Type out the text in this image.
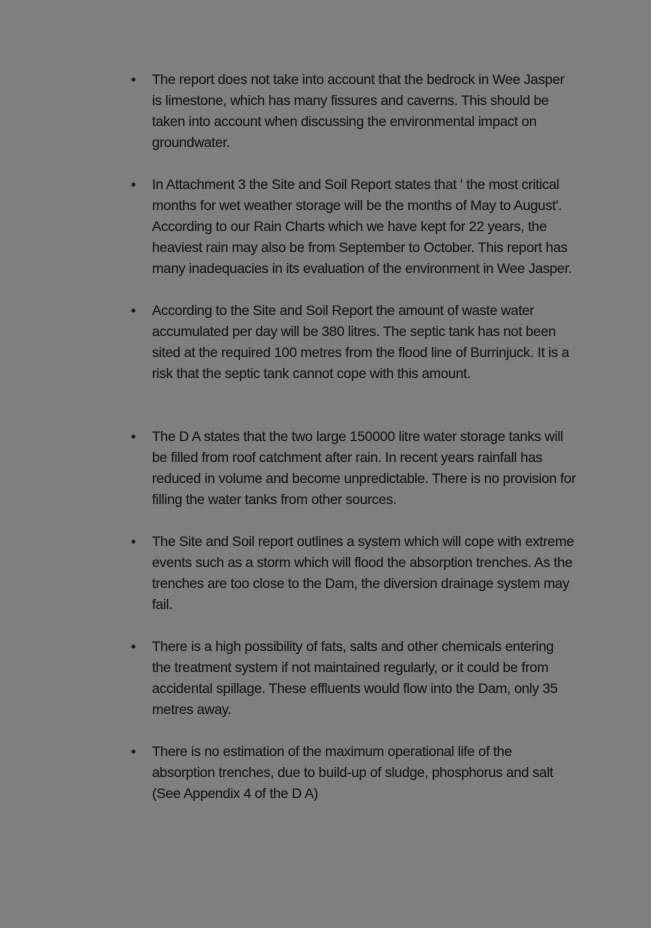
• The report does not take into account that the bedrock in Wee Jasper is limestone, which has many fissures and caverns. This should be taken into account when discussing the environmental impact on groundwater.
• In Attachment 3 the Site and Soil Report states that ' the most critical months for wet weather storage will be the months of May to August'. According to our Rain Charts which we have kept for 22 years, the heaviest rain may also be from September to October. This report has many inadequacies in its evaluation of the environment in Wee Jasper.
• According to the Site and Soil Report the amount of waste water accumulated per day will be 380 litres. The septic tank has not been sited at the required 100 metres from the flood line of Burrinjuck. It is a risk that the septic tank cannot cope with this amount.
• The D A states that the two large 150000 litre water storage tanks will be filled from roof catchment after rain. In recent years rainfall has reduced in volume and become unpredictable. There is no provision for filling the water tanks from other sources.
• The Site and Soil report outlines a system which will cope with extreme events such as a storm which will flood the absorption trenches. As the trenches are too close to the Dam, the diversion drainage system may fail.
• There is a high possibility of fats, salts and other chemicals entering the treatment system if not maintained regularly, or it could be from accidental spillage. These effluents would flow into the Dam, only 35 metres away.
• There is no estimation of the maximum operational life of the absorption trenches, due to build-up of sludge, phosphorus and salt (See Appendix 4 of the D A)
